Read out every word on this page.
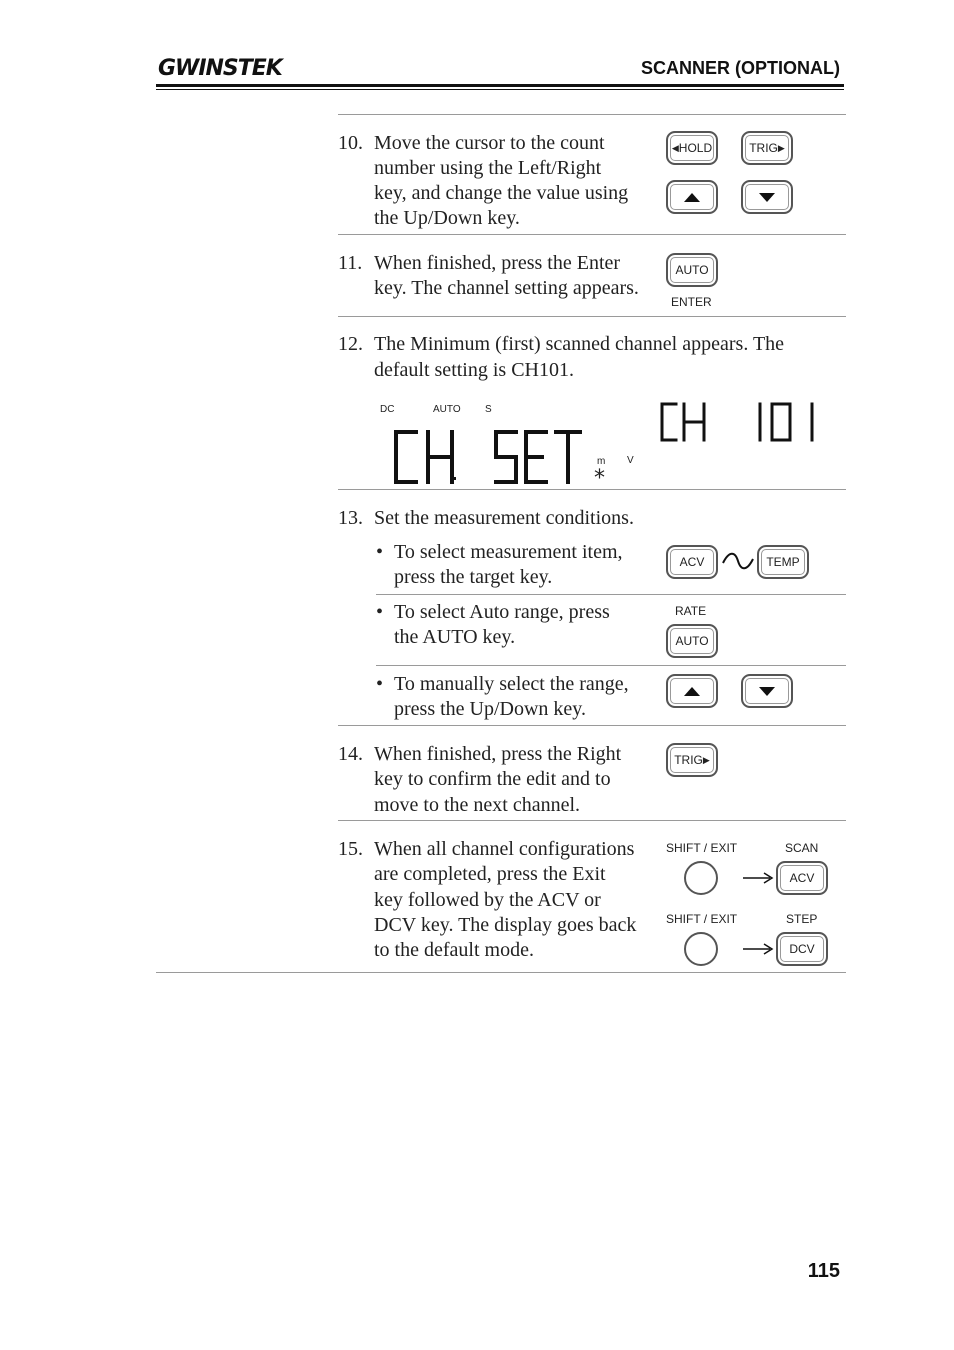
GWINSTEK	SCANNER (OPTIONAL)
10. Move the cursor to the count
number using the Left/Right
key, and change the value using
the Up/Down key.
◀ HOLD	TRIG ▶
11. When finished, press the Enter
key. The channel setting appears.
AUTO
ENTER
12. The Minimum (first) scanned channel appears. The
default setting is CH101.
DC	AUTO S
m V
*
13. Set the measurement conditions.
• To select measurement item,
press the target key.
ACV	TEMP
• To select Auto range, press
the AUTO key.
RATE
AUTO
• To manually select the range,
press the Up/Down key.
14. When finished, press the Right
key to confirm the edit and to
move to the next channel.
TRIG ▶
15. When all channel configurations
are completed, press the Exit
key followed by the ACV or
DCV key. The display goes back
to the default mode.
SHIFT / EXIT	SCAN
ACV
SHIFT / EXIT	STEP
DCV
115
